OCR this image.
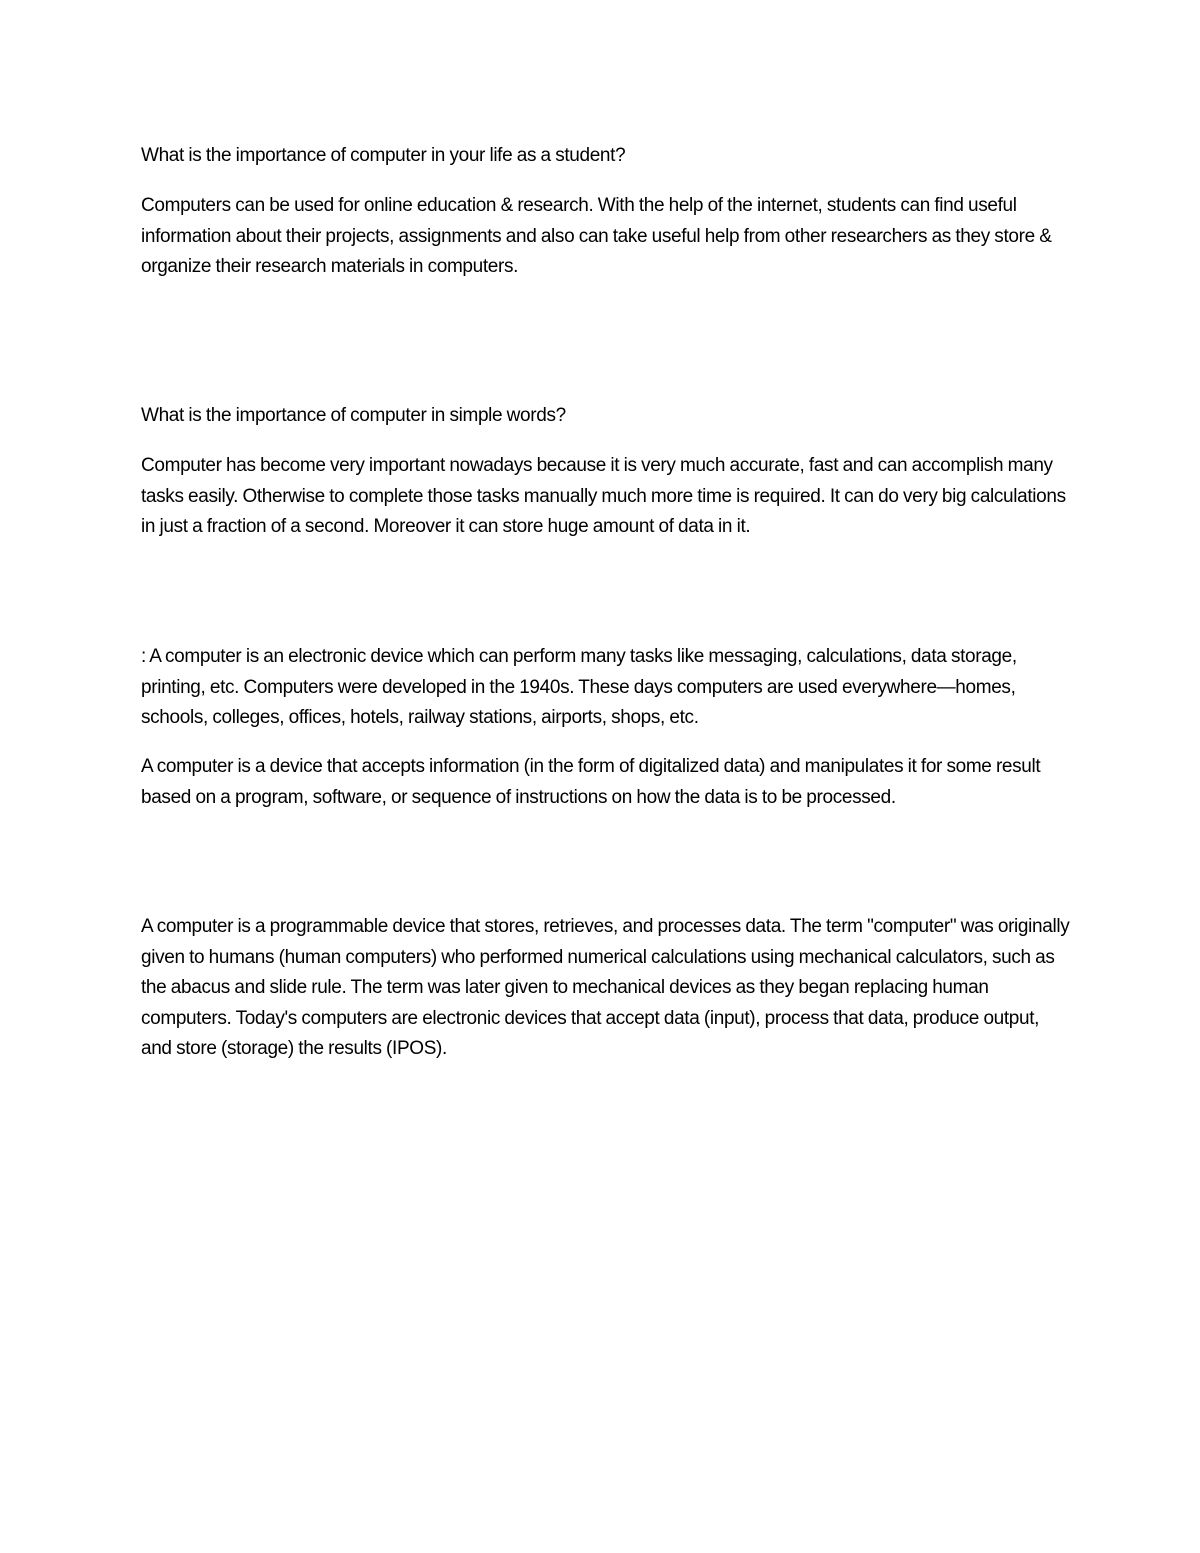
What is the importance of computer in your life as a student?

Computers can be used for online education & research. With the help of the internet, students can find useful information about their projects, assignments and also can take useful help from other researchers as they store & organize their research materials in computers.

What is the importance of computer in simple words?

Computer has become very important nowadays because it is very much accurate, fast and can accomplish many tasks easily. Otherwise to complete those tasks manually much more time is required. It can do very big calculations in just a fraction of a second. Moreover it can store huge amount of data in it.

: A computer is an electronic device which can perform many tasks like messaging, calculations, data storage, printing, etc. Computers were developed in the 1940s. These days computers are used everywhere—homes, schools, colleges, offices, hotels, railway stations, airports, shops, etc.

A computer is a device that accepts information (in the form of digitalized data) and manipulates it for some result based on a program, software, or sequence of instructions on how the data is to be processed.

A computer is a programmable device that stores, retrieves, and processes data. The term "computer" was originally given to humans (human computers) who performed numerical calculations using mechanical calculators, such as the abacus and slide rule. The term was later given to mechanical devices as they began replacing human computers. Today's computers are electronic devices that accept data (input), process that data, produce output, and store (storage) the results (IPOS).
